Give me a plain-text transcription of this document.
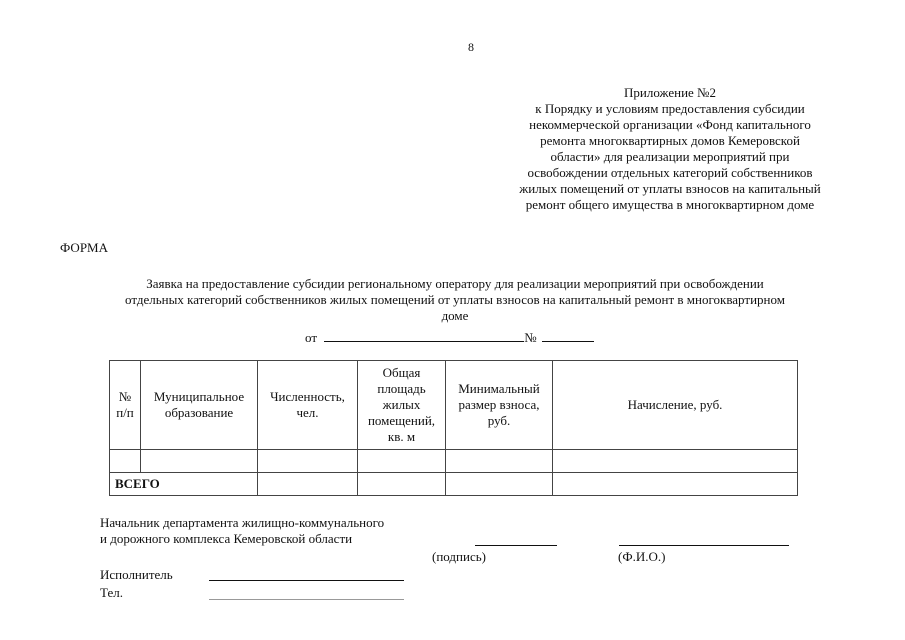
8
Приложение №2
к Порядку и условиям предоставления субсидии
некоммерческой организации «Фонд капитального
ремонта многоквартирных домов Кемеровской
области» для реализации мероприятий при
освобождении отдельных категорий собственников
жилых помещений от уплаты взносов на капитальный
ремонт общего имущества в многоквартирном доме
ФОРМА
Заявка на предоставление субсидии региональному оператору для реализации мероприятий при освобождении
отдельных категорий собственников жилых помещений от уплаты взносов на капитальный ремонт в многоквартирном
доме
от	№
№ п/п	Муниципальное образование	Численность, чел.	Общая площадь жилых помещений, кв. м	Минимальный размер взноса, руб.	Начисление, руб.

ВСЕГО					
Начальник департамента жилищно-коммунального
и дорожного комплекса Кемеровской области
(подпись)	(Ф.И.О.)
Исполнитель
Тел.
